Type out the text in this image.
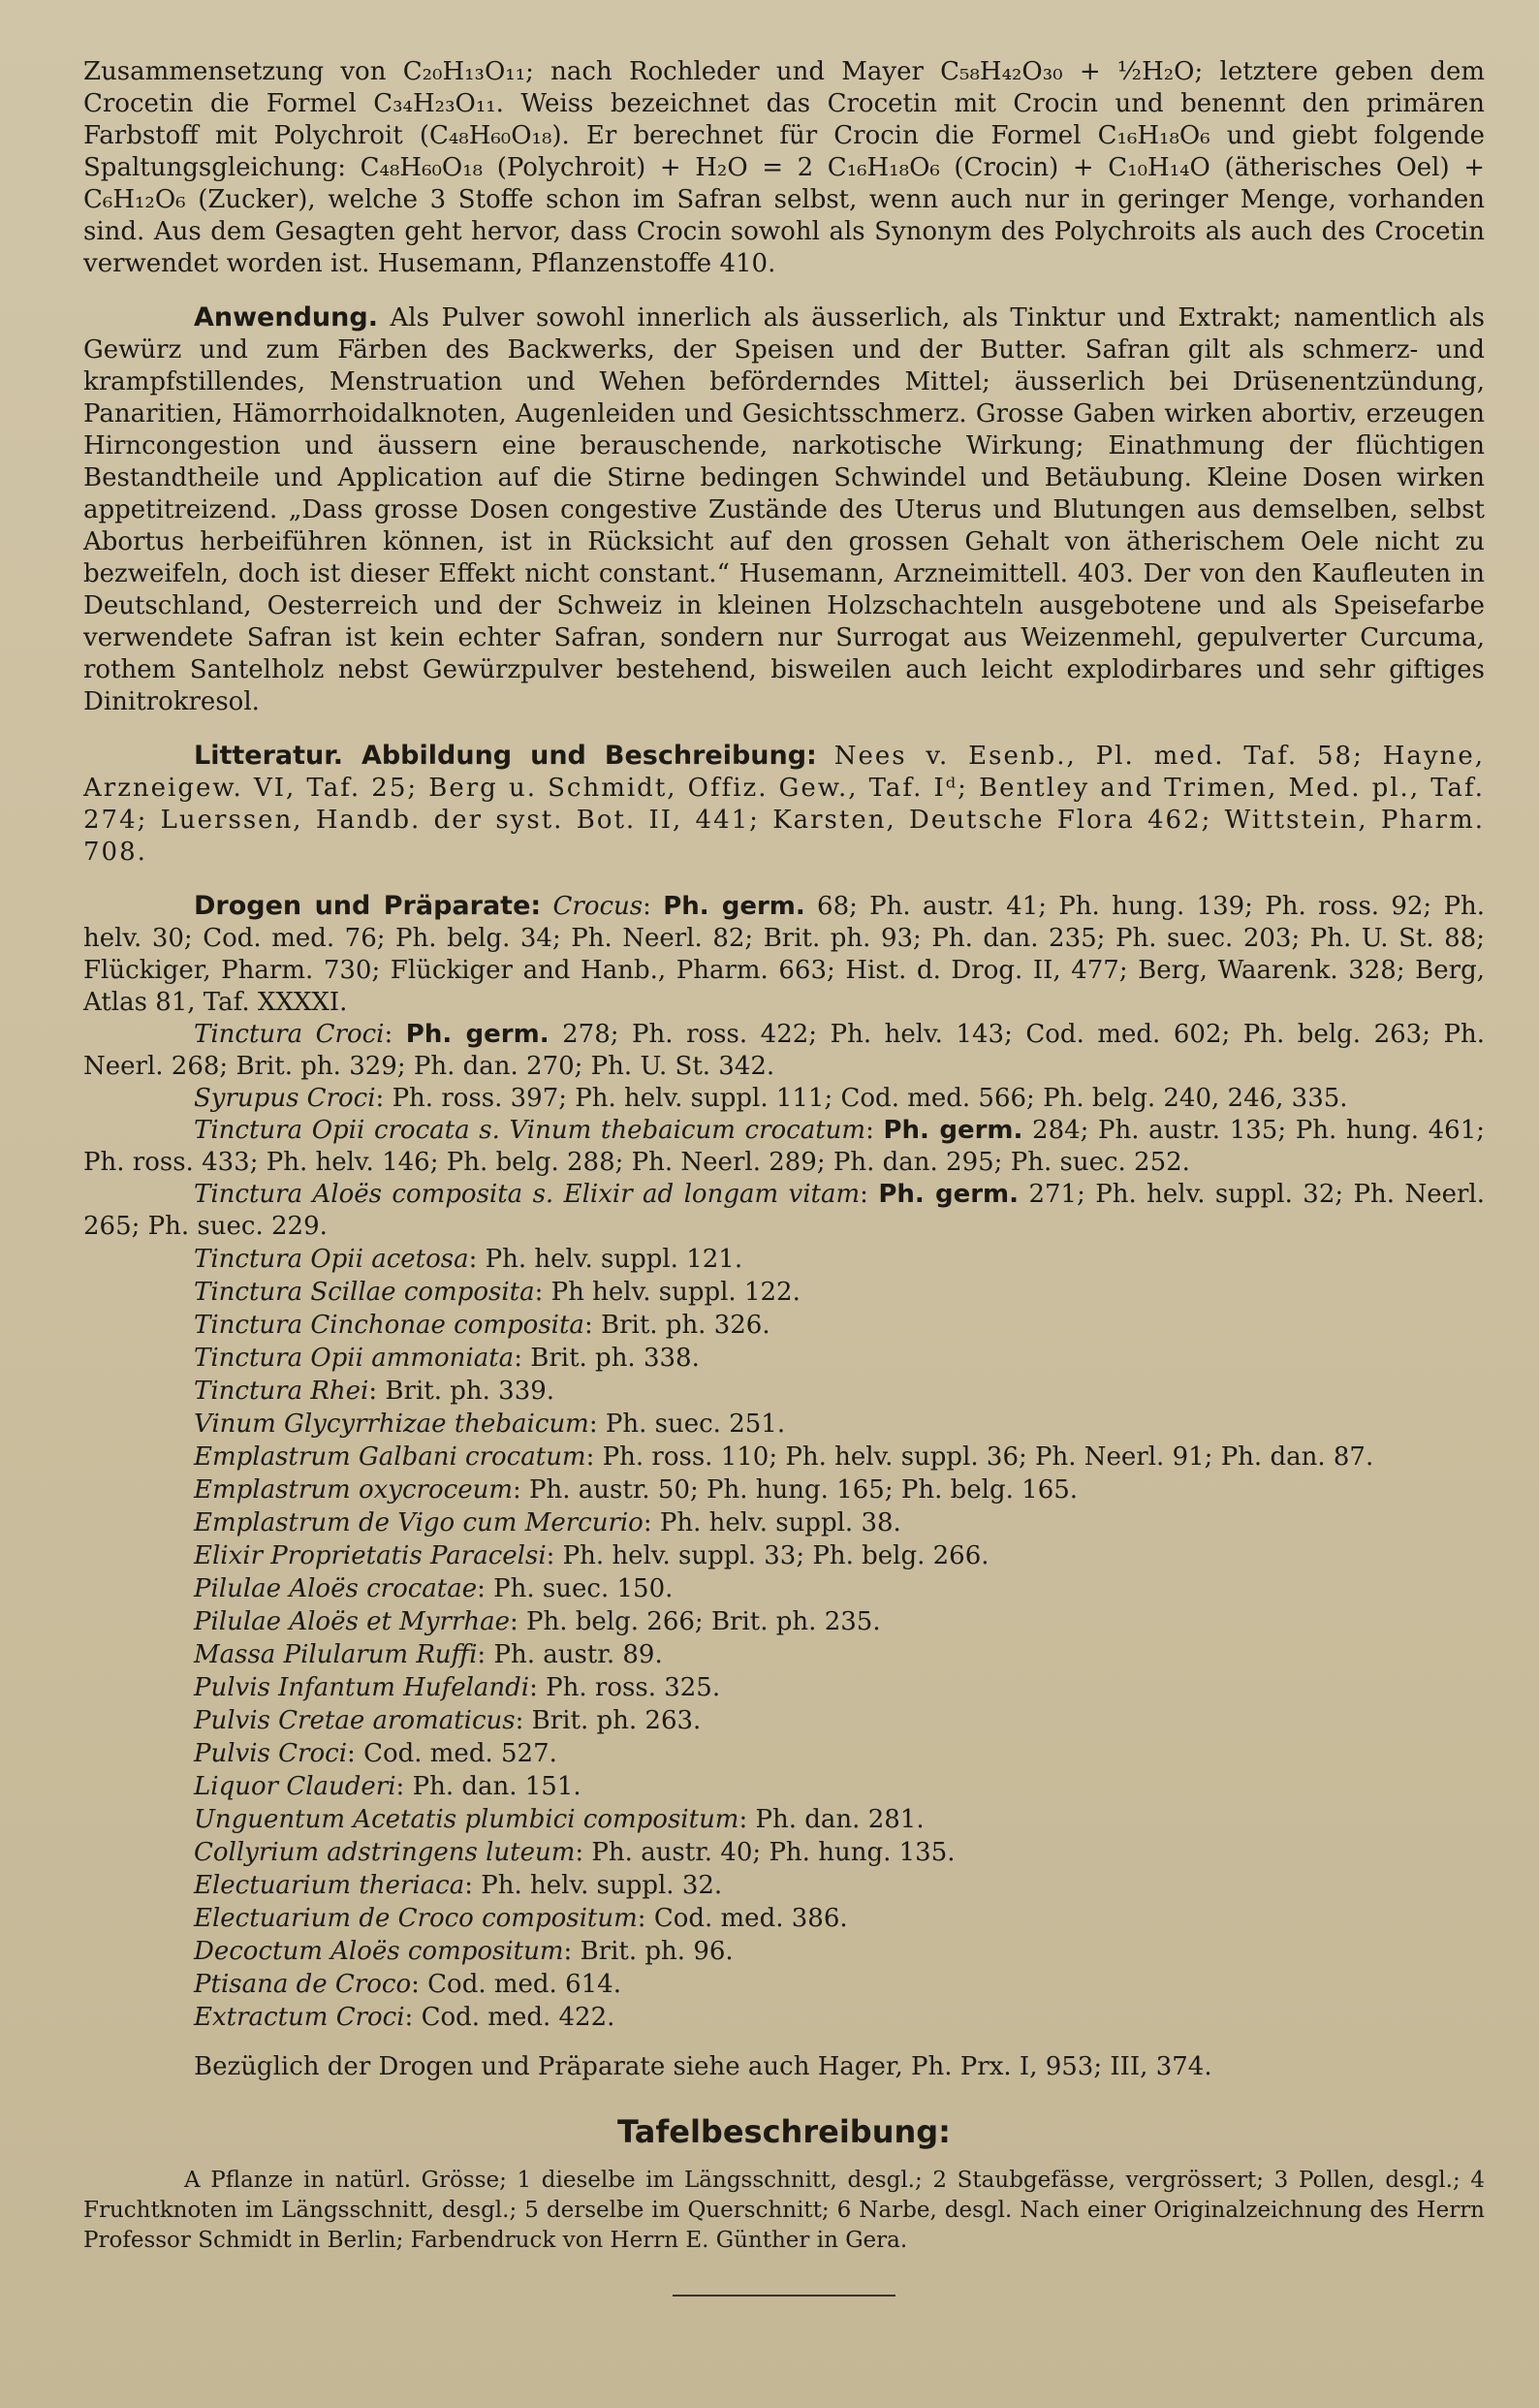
Zusammensetzung von C₂₀H₁₃O₁₁; nach Rochleder und Mayer C₅₈H₄₂O₃₀ + ½H₂O; letztere geben dem Crocetin die Formel C₃₄H₂₃O₁₁. Weiss bezeichnet das Crocetin mit Crocin und benennt den primären Farbstoff mit Polychroit (C₄₈H₆₀O₁₈). Er berechnet für Crocin die Formel C₁₆H₁₈O₆ und giebt folgende Spaltungsgleichung: C₄₈H₆₀O₁₈ (Polychroit) + H₂O = 2 C₁₆H₁₈O₆ (Crocin) + C₁₀H₁₄O (ätherisches Oel) + C₆H₁₂O₆ (Zucker), welche 3 Stoffe schon im Safran selbst, wenn auch nur in geringer Menge, vorhanden sind. Aus dem Gesagten geht hervor, dass Crocin sowohl als Synonym des Polychroits als auch des Crocetin verwendet worden ist. Husemann, Pflanzenstoffe 410.

Anwendung. Als Pulver sowohl innerlich als äusserlich, als Tinktur und Extrakt; namentlich als Gewürz und zum Färben des Backwerks, der Speisen und der Butter. Safran gilt als schmerz- und krampfstillendes, Menstruation und Wehen beförderndes Mittel; äusserlich bei Drüsenentzündung, Panaritien, Hämorrhoidalknoten, Augenleiden und Gesichtsschmerz. Grosse Gaben wirken abortiv, erzeugen Hirncongestion und äussern eine berauschende, narkotische Wirkung; Einathmung der flüchtigen Bestandtheile und Application auf die Stirne bedingen Schwindel und Betäubung. Kleine Dosen wirken appetitreizend. „Dass grosse Dosen congestive Zustände des Uterus und Blutungen aus demselben, selbst Abortus herbeiführen können, ist in Rücksicht auf den grossen Gehalt von ätherischem Oele nicht zu bezweifeln, doch ist dieser Effekt nicht constant.“ Husemann, Arzneimittell. 403. Der von den Kaufleuten in Deutschland, Oesterreich und der Schweiz in kleinen Holzschachteln ausgebotene und als Speisefarbe verwendete Safran ist kein echter Safran, sondern nur Surrogat aus Weizenmehl, gepulverter Curcuma, rothem Santelholz nebst Gewürzpulver bestehend, bisweilen auch leicht explodirbares und sehr giftiges Dinitrokresol.

Litteratur. Abbildung und Beschreibung: Nees v. Esenb., Pl. med. Taf. 58; Hayne, Arzneigew. VI, Taf. 25; Berg u. Schmidt, Offiz. Gew., Taf. Iᵈ; Bentley and Trimen, Med. pl., Taf. 274; Luerssen, Handb. der syst. Bot. II, 441; Karsten, Deutsche Flora 462; Wittstein, Pharm. 708.

Drogen und Präparate: Crocus: Ph. germ. 68; Ph. austr. 41; Ph. hung. 139; Ph. ross. 92; Ph. helv. 30; Cod. med. 76; Ph. belg. 34; Ph. Neerl. 82; Brit. ph. 93; Ph. dan. 235; Ph. suec. 203; Ph. U. St. 88; Flückiger, Pharm. 730; Flückiger and Hanb., Pharm. 663; Hist. d. Drog. II, 477; Berg, Waarenk. 328; Berg, Atlas 81, Taf. XXXXI.

Tinctura Croci: Ph. germ. 278; Ph. ross. 422; Ph. helv. 143; Cod. med. 602; Ph. belg. 263; Ph. Neerl. 268; Brit. ph. 329; Ph. dan. 270; Ph. U. St. 342.

Syrupus Croci: Ph. ross. 397; Ph. helv. suppl. 111; Cod. med. 566; Ph. belg. 240, 246, 335.

Tinctura Opii crocata s. Vinum thebaicum crocatum: Ph. germ. 284; Ph. austr. 135; Ph. hung. 461; Ph. ross. 433; Ph. helv. 146; Ph. belg. 288; Ph. Neerl. 289; Ph. dan. 295; Ph. suec. 252.

Tinctura Aloës composita s. Elixir ad longam vitam: Ph. germ. 271; Ph. helv. suppl. 32; Ph. Neerl. 265; Ph. suec. 229.

Tinctura Opii acetosa: Ph. helv. suppl. 121.
Tinctura Scillae composita: Ph helv. suppl. 122.
Tinctura Cinchonae composita: Brit. ph. 326.
Tinctura Opii ammoniata: Brit. ph. 338.
Tinctura Rhei: Brit. ph. 339.
Vinum Glycyrrhizae thebaicum: Ph. suec. 251.
Emplastrum Galbani crocatum: Ph. ross. 110; Ph. helv. suppl. 36; Ph. Neerl. 91; Ph. dan. 87.
Emplastrum oxycroceum: Ph. austr. 50; Ph. hung. 165; Ph. belg. 165.
Emplastrum de Vigo cum Mercurio: Ph. helv. suppl. 38.
Elixir Proprietatis Paracelsi: Ph. helv. suppl. 33; Ph. belg. 266.
Pilulae Aloës crocatae: Ph. suec. 150.
Pilulae Aloës et Myrrhae: Ph. belg. 266; Brit. ph. 235.
Massa Pilularum Ruffi: Ph. austr. 89.
Pulvis Infantum Hufelandi: Ph. ross. 325.
Pulvis Cretae aromaticus: Brit. ph. 263.
Pulvis Croci: Cod. med. 527.
Liquor Clauderi: Ph. dan. 151.
Unguentum Acetatis plumbici compositum: Ph. dan. 281.
Collyrium adstringens luteum: Ph. austr. 40; Ph. hung. 135.
Electuarium theriaca: Ph. helv. suppl. 32.
Electuarium de Croco compositum: Cod. med. 386.
Decoctum Aloës compositum: Brit. ph. 96.
Ptisana de Croco: Cod. med. 614.
Extractum Croci: Cod. med. 422.

Bezüglich der Drogen und Präparate siehe auch Hager, Ph. Prx. I, 953; III, 374.

Tafelbeschreibung:

A Pflanze in natürl. Grösse; 1 dieselbe im Längsschnitt, desgl.; 2 Staubgefässe, vergrössert; 3 Pollen, desgl.; 4 Fruchtknoten im Längsschnitt, desgl.; 5 derselbe im Querschnitt; 6 Narbe, desgl. Nach einer Originalzeichnung des Herrn Professor Schmidt in Berlin; Farbendruck von Herrn E. Günther in Gera.
